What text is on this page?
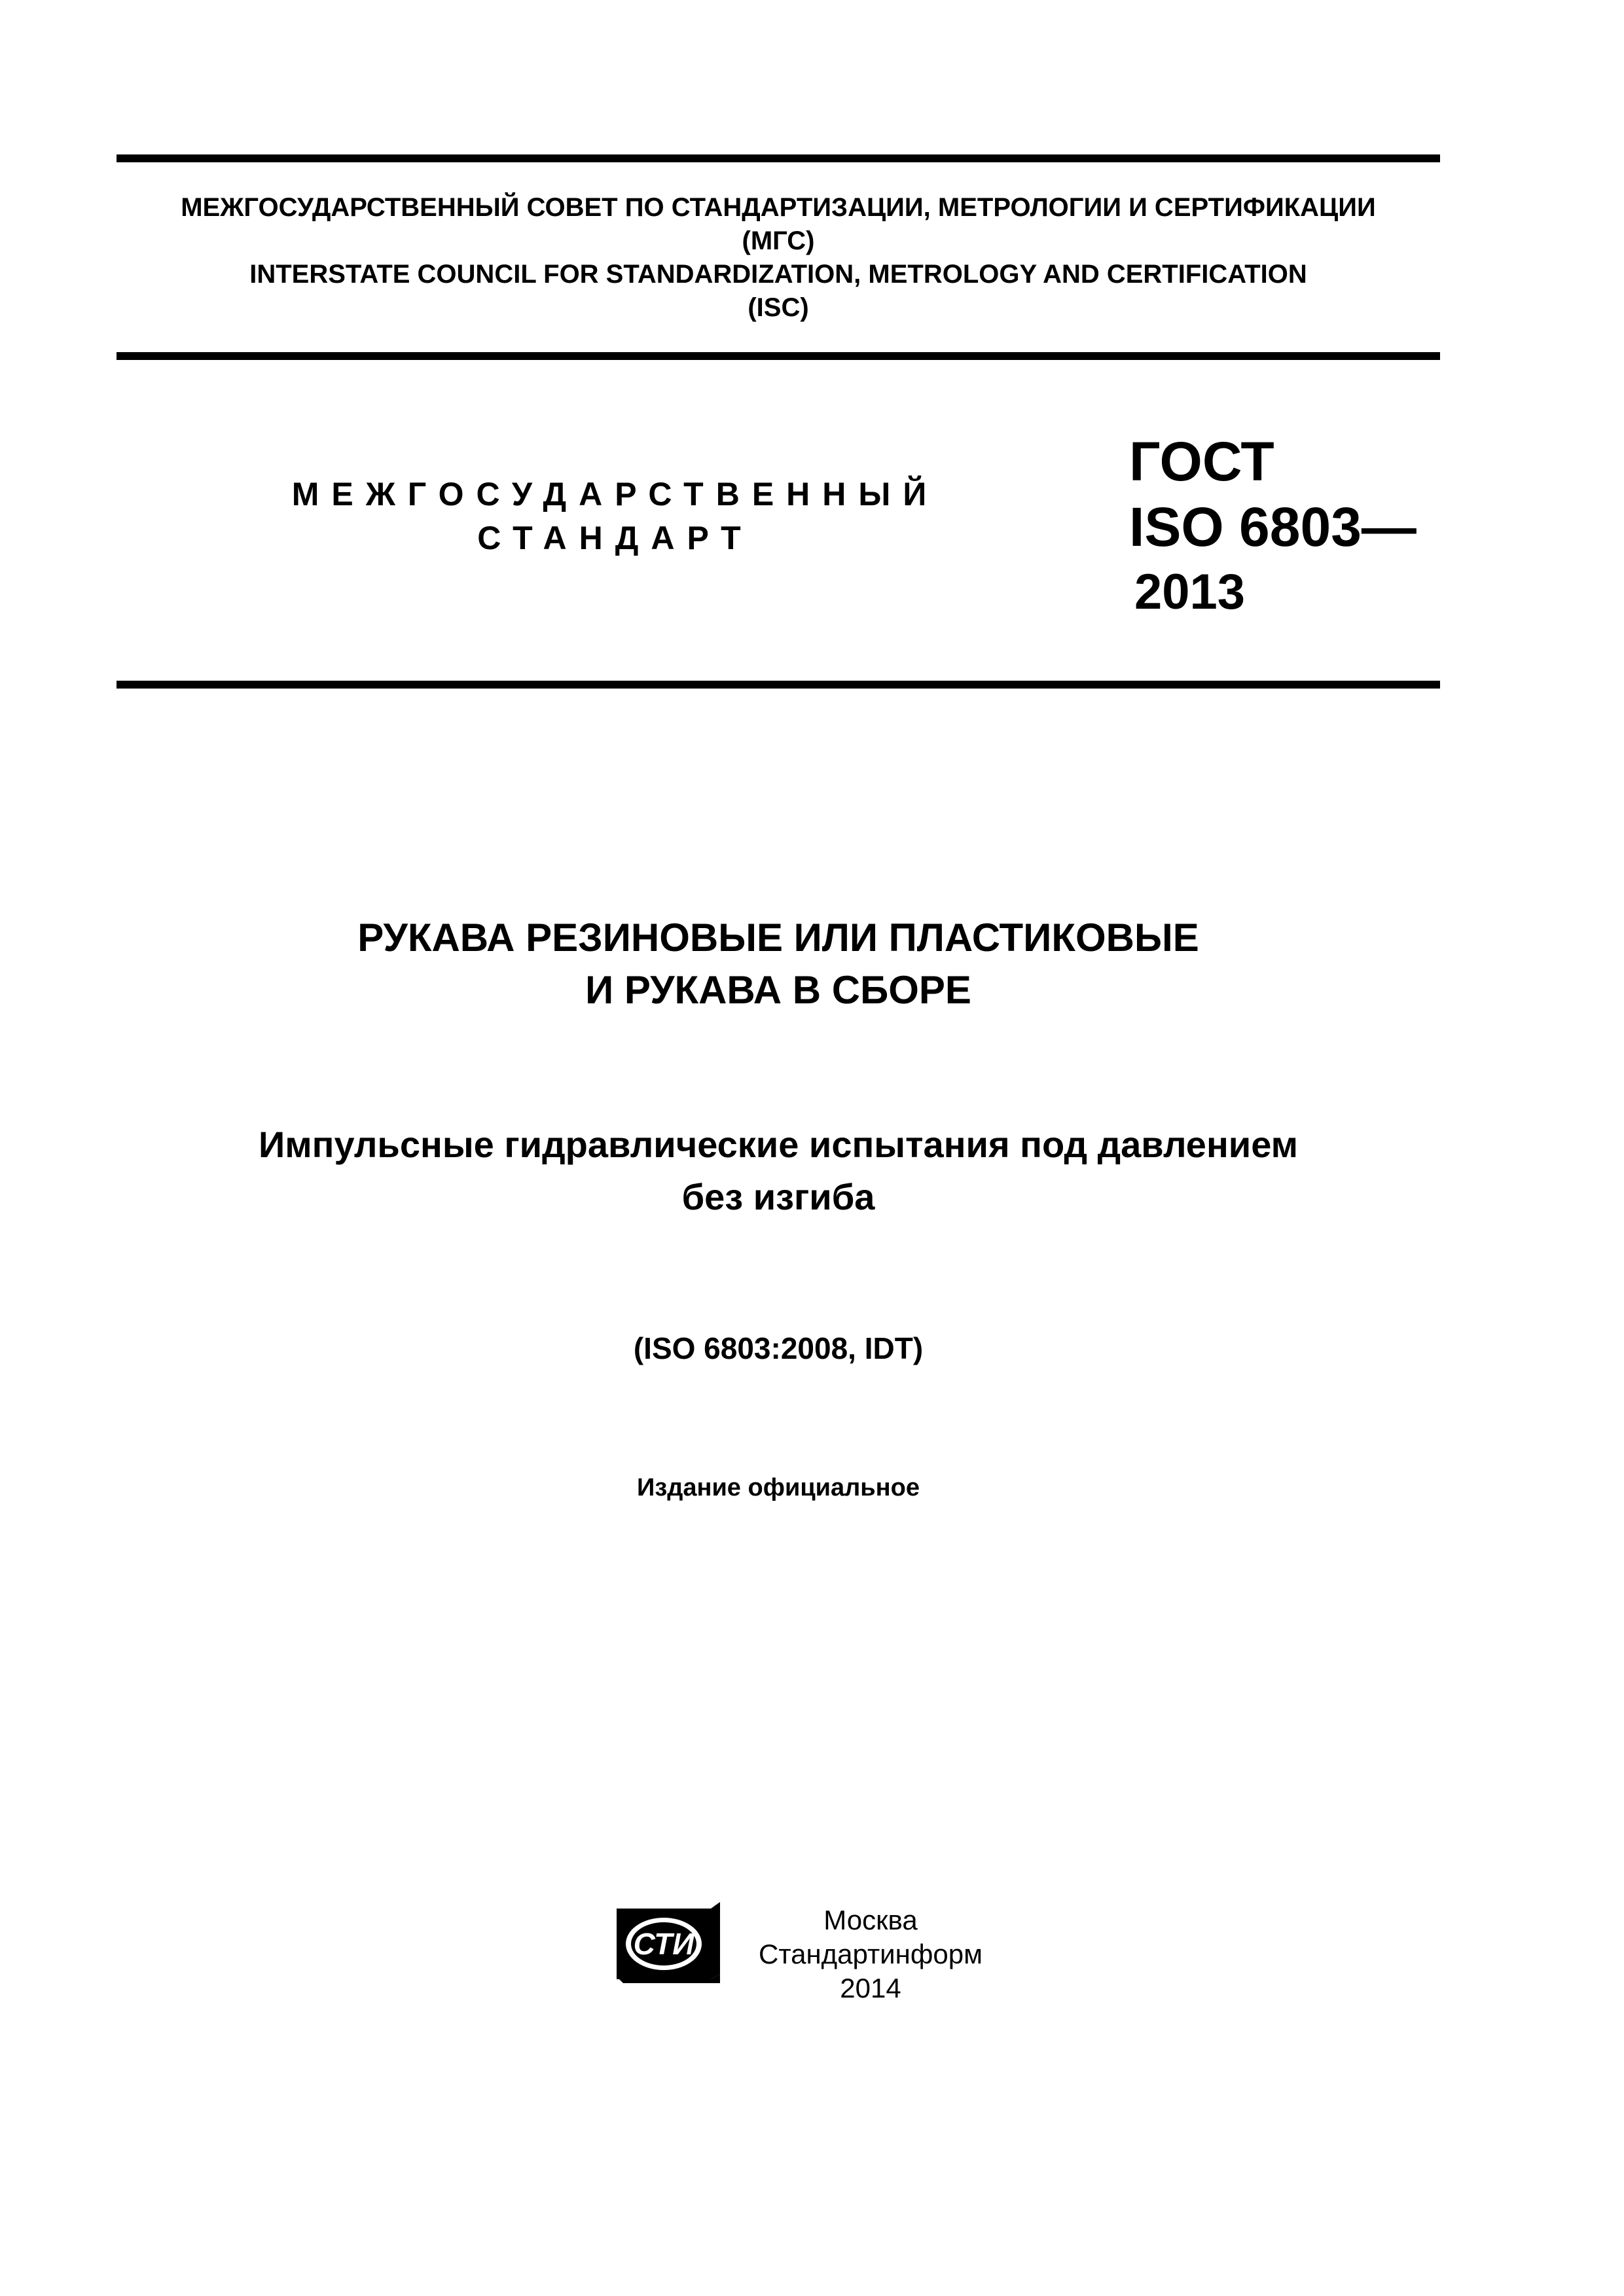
МЕЖГОСУДАРСТВЕННЫЙ СОВЕТ ПО СТАНДАРТИЗАЦИИ, МЕТРОЛОГИИ И СЕРТИФИКАЦИИ
(МГС)
INTERSTATE COUNCIL FOR STANDARDIZATION, METROLOGY AND CERTIFICATION
(ISC)
МЕЖГОСУДАРСТВЕННЫЙ
СТАНДАРТ
ГОСТ
ISO 6803—
2013
РУКАВА РЕЗИНОВЫЕ ИЛИ ПЛАСТИКОВЫЕ
И РУКАВА В СБОРЕ
Импульсные гидравлические испытания под давлением
без изгиба
(ISO 6803:2008, IDT)
Издание официальное
СТИ
Москва
Стандартинформ
2014
